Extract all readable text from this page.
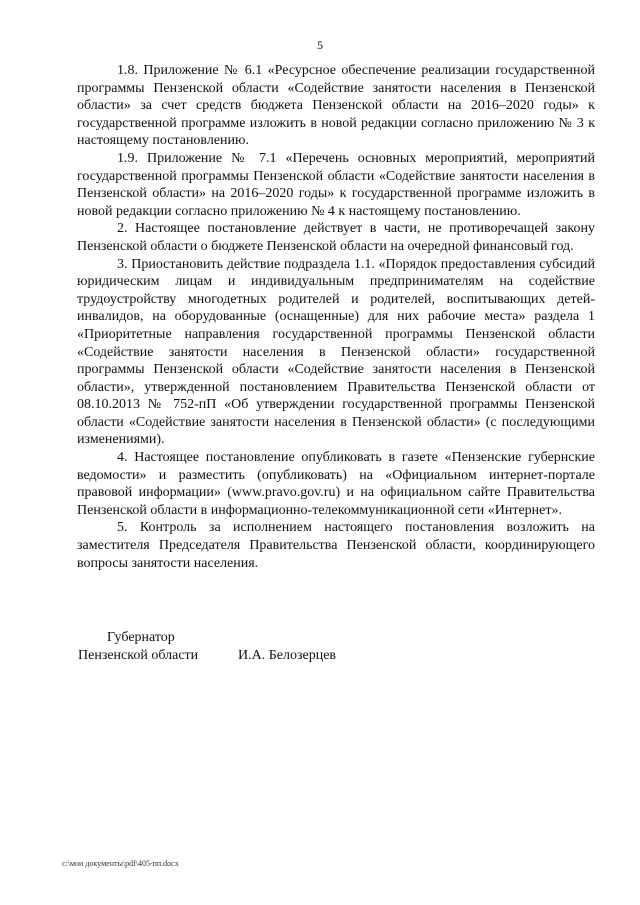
5

1.8. Приложение № 6.1 «Ресурсное обеспечение реализации государственной программы Пензенской области «Содействие занятости населения в Пензенской области» за счет средств бюджета Пензенской области на 2016–2020 годы» к государственной программе изложить в новой редакции согласно приложению № 3 к настоящему постановлению.

1.9. Приложение № 7.1 «Перечень основных мероприятий, мероприятий государственной программы Пензенской области «Содействие занятости населения в Пензенской области» на 2016–2020 годы» к государственной программе изложить в новой редакции согласно приложению № 4 к настоящему постановлению.

2. Настоящее постановление действует в части, не противоречащей закону Пензенской области о бюджете Пензенской области на очередной финансовый год.

3. Приостановить действие подраздела 1.1. «Порядок предоставления субсидий юридическим лицам и индивидуальным предпринимателям на содействие трудоустройству многодетных родителей и родителей, воспитывающих детей-инвалидов, на оборудованные (оснащенные) для них рабочие места» раздела 1 «Приоритетные направления государственной программы Пензенской области «Содействие занятости населения в Пензенской области» государственной программы Пензенской области «Содействие занятости населения в Пензенской области», утвержденной постановлением Правительства Пензенской области от 08.10.2013 № 752-пП «Об утверждении государственной программы Пензенской области «Содействие занятости населения в Пензенской области» (с последующими изменениями).

4. Настоящее постановление опубликовать в газете «Пензенские губернские ведомости» и разместить (опубликовать) на «Официальном интернет-портале правовой информации» (www.pravo.gov.ru) и на официальном сайте Правительства Пензенской области в информационно-телекоммуникационной сети «Интернет».

5. Контроль за исполнением настоящего постановления возложить на заместителя Председателя Правительства Пензенской области, координирующего вопросы занятости населения.

Губернатор
Пензенской области	И.А. Белозерцев
c:\мои документы\pdf\405-пп.docx
